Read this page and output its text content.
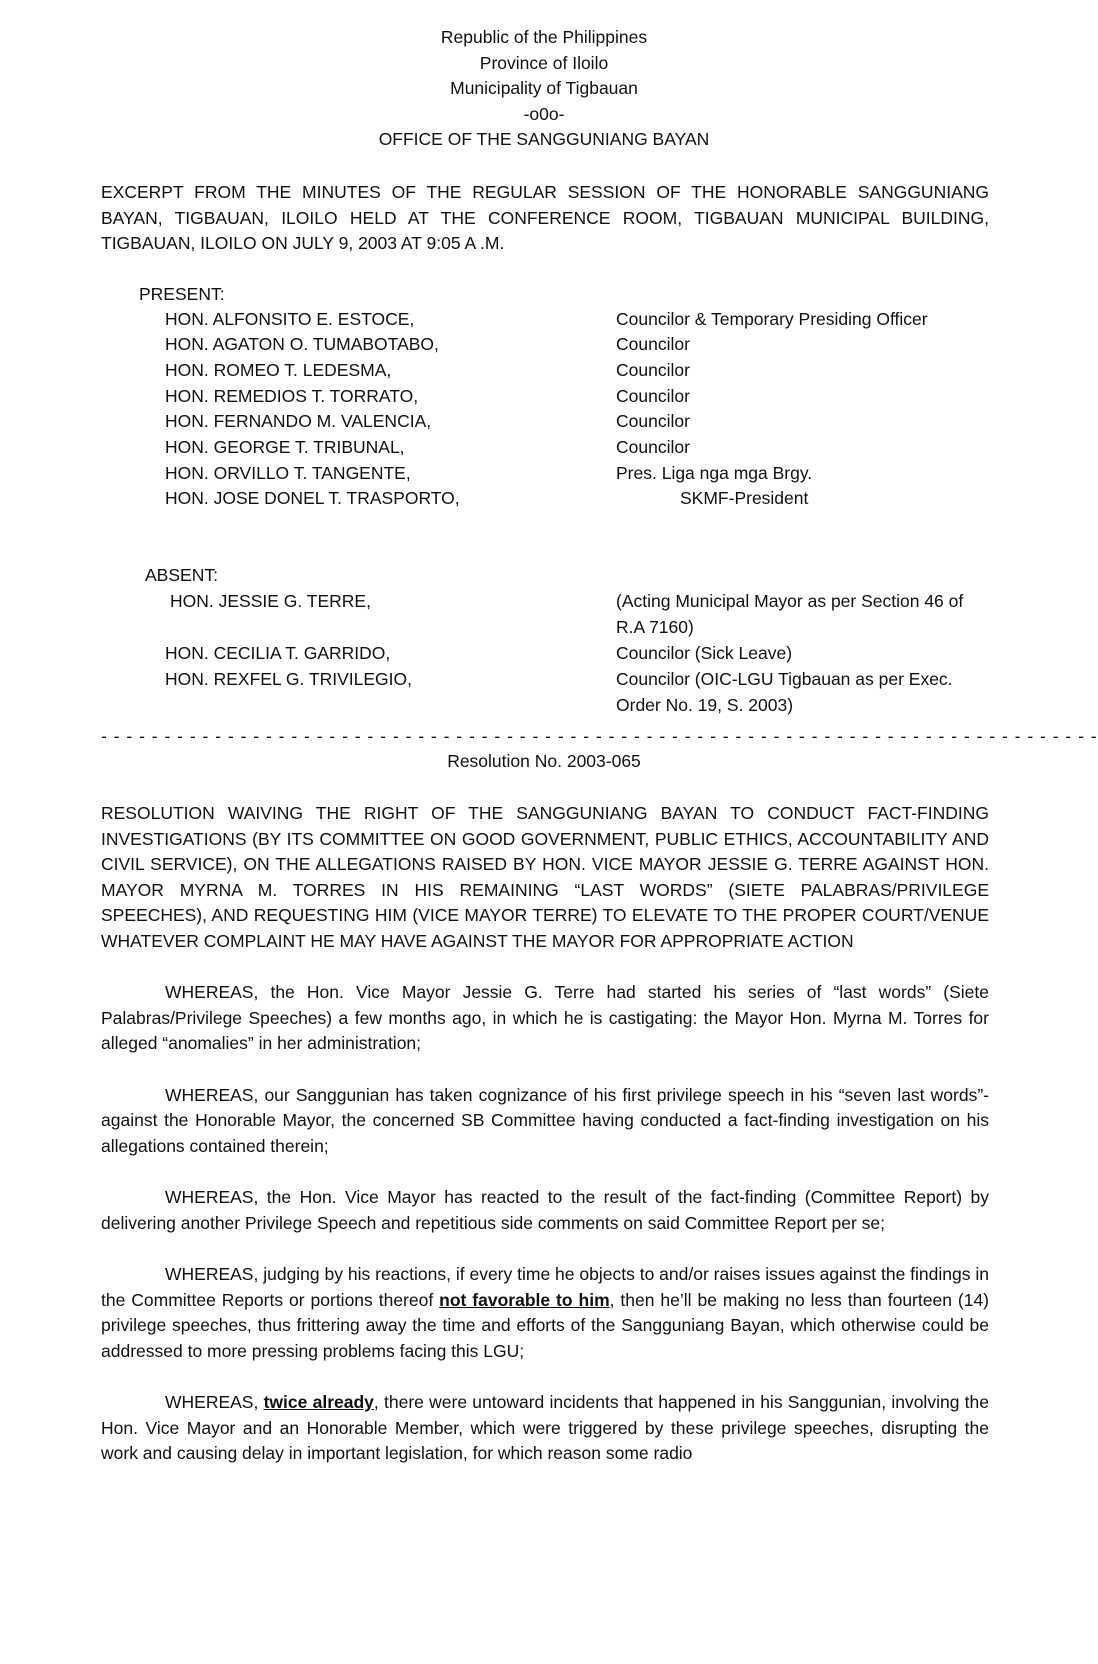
Republic of the Philippines
Province of Iloilo
Municipality of Tigbauan
-o0o-
OFFICE OF THE SANGGUNIANG BAYAN
EXCERPT FROM THE MINUTES OF THE REGULAR SESSION OF THE HONORABLE SANGGUNIANG BAYAN, TIGBAUAN, ILOILO HELD AT THE CONFERENCE ROOM, TIGBAUAN MUNICIPAL BUILDING, TIGBAUAN, ILOILO ON JULY 9, 2003 AT 9:05 A .M.
PRESENT:
HON. ALFONSITO E. ESTOCE,	Councilor & Temporary Presiding Officer
HON. AGATON O. TUMABOTABO,	Councilor
HON. ROMEO T. LEDESMA,	Councilor
HON. REMEDIOS T. TORRATO,	Councilor
HON. FERNANDO M. VALENCIA,	Councilor
HON. GEORGE T. TRIBUNAL,	Councilor
HON. ORVILLO T. TANGENTE,	Pres. Liga nga mga Brgy.
HON. JOSE DONEL T. TRASPORTO,	SKMF-President
ABSENT:
HON. JESSIE G. TERRE,	(Acting Municipal Mayor as per Section 46 of R.A 7160)
HON. CECILIA T. GARRIDO,	Councilor (Sick Leave)
HON. REXFEL G. TRIVILEGIO,	Councilor (OIC-LGU Tigbauan as per Exec. Order No. 19, S. 2003)
- - - - - - - - - - - - - - - - - - - - - - - - - - - - - - - - - - - - - - - - - - - - - - - - - - - - - - - - - - - - - - - - - - - - - - - - - - - - - - -
Resolution No. 2003-065
RESOLUTION WAIVING THE RIGHT OF THE SANGGUNIANG BAYAN TO CONDUCT FACT-FINDING INVESTIGATIONS (BY ITS COMMITTEE ON GOOD GOVERNMENT, PUBLIC ETHICS, ACCOUNTABILITY AND CIVIL SERVICE), ON THE ALLEGATIONS RAISED BY HON. VICE MAYOR JESSIE G. TERRE AGAINST HON. MAYOR MYRNA M. TORRES IN HIS REMAINING “LAST WORDS” (SIETE PALABRAS/PRIVILEGE SPEECHES), AND REQUESTING HIM (VICE MAYOR TERRE) TO ELEVATE TO THE PROPER COURT/VENUE WHATEVER COMPLAINT HE MAY HAVE AGAINST THE MAYOR FOR APPROPRIATE ACTION
WHEREAS, the Hon. Vice Mayor Jessie G. Terre had started his series of “last words” (Siete Palabras/Privilege Speeches) a few months ago, in which he is castigating: the Mayor Hon. Myrna M. Torres for alleged “anomalies” in her administration;
WHEREAS, our Sanggunian has taken cognizance of his first privilege speech in his “seven last words”- against the Honorable Mayor, the concerned SB Committee having conducted a fact-finding investigation on his allegations contained therein;
WHEREAS, the Hon. Vice Mayor has reacted to the result of the fact-finding (Committee Report) by delivering another Privilege Speech and repetitious side comments on said Committee Report per se;
WHEREAS, judging by his reactions, if every time he objects to and/or raises issues against the findings in the Committee Reports or portions thereof not favorable to him, then he’ll be making no less than fourteen (14) privilege speeches, thus frittering away the time and efforts of the Sangguniang Bayan, which otherwise could be addressed to more pressing problems facing this LGU;
WHEREAS, twice already, there were untoward incidents that happened in his Sanggunian, involving the Hon. Vice Mayor and an Honorable Member, which were triggered by these privilege speeches, disrupting the work and causing delay in important legislation, for which reason some radio
